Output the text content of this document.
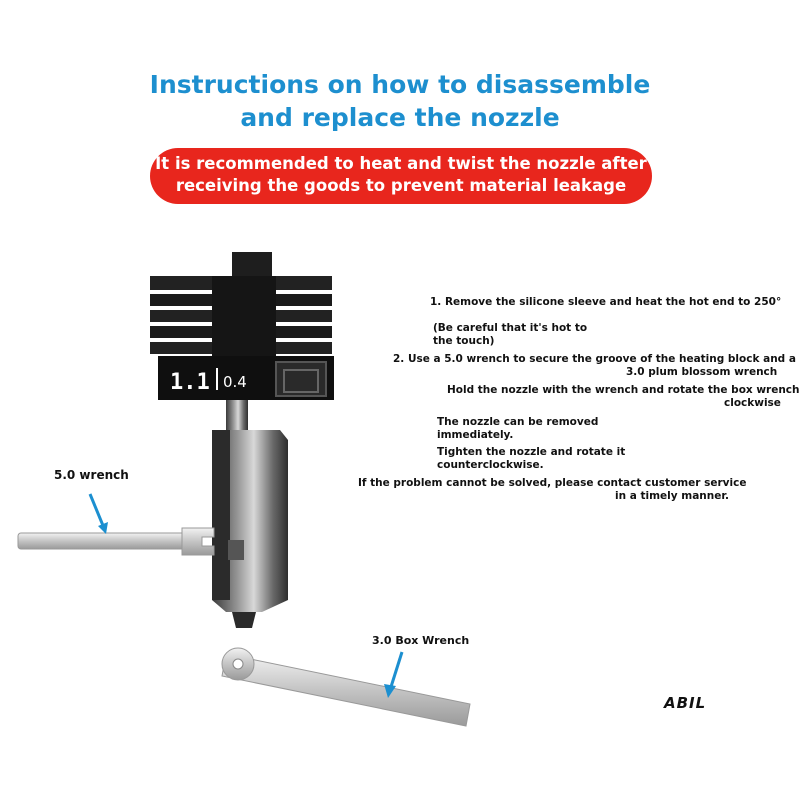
Instructions on how to disassemble
and replace the nozzle
It is recommended to heat and twist the nozzle after
receiving the goods to prevent material leakage
1.1 0.4
5.0 wrench
3.0 Box Wrench
1. Remove the silicone sleeve and heat the hot end to 250°
(Be careful that it's hot to
the touch)
2. Use a 5.0 wrench to secure the groove of the heating block and a
3.0 plum blossom wrench
Hold the nozzle with the wrench and rotate the box wrench
clockwise
The nozzle can be removed
immediately.
Tighten the nozzle and rotate it
counterclockwise.
If the problem cannot be solved, please contact customer service
in a timely manner.
ABIL
